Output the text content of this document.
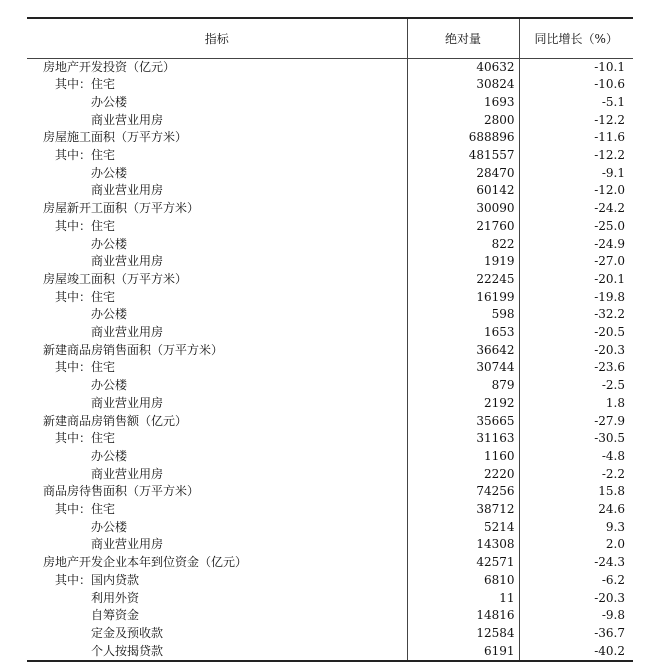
指标	绝对量	同比增长（%）
房地产开发投资（亿元）	40632	-10.1
其中：住宅	30824	-10.6
办公楼	1693	-5.1
商业营业用房	2800	-12.2
房屋施工面积（万平方米）	688896	-11.6
其中：住宅	481557	-12.2
办公楼	28470	-9.1
商业营业用房	60142	-12.0
房屋新开工面积（万平方米）	30090	-24.2
其中：住宅	21760	-25.0
办公楼	822	-24.9
商业营业用房	1919	-27.0
房屋竣工面积（万平方米）	22245	-20.1
其中：住宅	16199	-19.8
办公楼	598	-32.2
商业营业用房	1653	-20.5
新建商品房销售面积（万平方米）	36642	-20.3
其中：住宅	30744	-23.6
办公楼	879	-2.5
商业营业用房	2192	1.8
新建商品房销售额（亿元）	35665	-27.9
其中：住宅	31163	-30.5
办公楼	1160	-4.8
商业营业用房	2220	-2.2
商品房待售面积（万平方米）	74256	15.8
其中：住宅	38712	24.6
办公楼	5214	9.3
商业营业用房	14308	2.0
房地产开发企业本年到位资金（亿元）	42571	-24.3
其中：国内贷款	6810	-6.2
利用外资	11	-20.3
自筹资金	14816	-9.8
定金及预收款	12584	-36.7
个人按揭贷款	6191	-40.2
